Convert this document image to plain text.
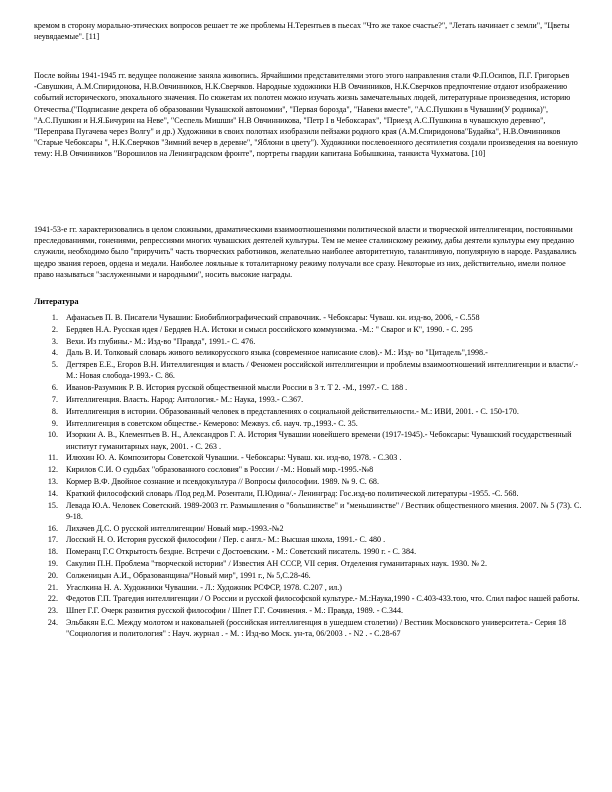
кремом в сторону морально-этических вопросов решает те же проблемы Н.Терентьев в пьесах "Что же такое счастье?", "Летать начинает с земли", "Цветы неувядаемые". [11]

После войны 1941-1945 гг. ведущее положение заняла живопись. Ярчайшими представителями этого этого направления стали Ф.П.Осипов, П.Г. Григорьев -Савушкин, А.М.Спиридонова, Н.В.Овчинников, Н.К.Сверчков. Народные художники Н.В Овчинников, Н.К.Сверчков предпочтение отдают изображению событий исторического, эпохального значения. По сюжетам их полотен можно изучать жизнь замечательных людей, литературные произведения, историю Отечества.("Подписание декрета об образовании Чувашской автономии", "Первая борозда", "Навеки вместе", "А.С.Пушкин в Чувашии(У родника)", "А.С.Пушкин и Н.Я.Бичурин на Неве", "Сеспель Мишши" Н.В Овчинникова, "Петр I в Чебоксарах", "Приезд А.С.Пушкина в чувашскую деревню", "Переправа Пугачева через Волгу" и др.) Художники в своих полотнах изобразили пейзажи родного края (А.М.Спиридонова"Будайка", Н.В.Овчинников "Старые Чебоксары ", Н.К.Сверчков "Зимний вечер в деревне", "Яблони в цвету"). Художники послевоенного десятилетия создали произведения на военную тему: Н.В Овчинников "Ворошилов на Ленинградском фронте", портреты гвардии капитана Бобышкина, танкиста Чухматова. [10]

1941-53-е гг. характеризовались в целом сложными, драматическими взаимоотношениями политической власти и творческой интеллигенции, постоянными преследованиями, гонениями, репрессиями многих чувашских деятелей культуры. Тем не менее сталинскому режиму, дабы деятели культуры ему преданно служили, необходимо было "приручить" часть творческих работников, желательно наиболее авторитетную, талантливую, популярную в народе. Раздавались щедро звания героев, ордена и медали. Наиболее лояльные к тоталитарному режиму получали все сразу. Некоторые из них, действительно, имели полное право называться "заслуженными и народными", носить высокие награды.

Литература
1. Афанасьев П. В. Писатели Чувашии: Биобиблиографический справочник. - Чебоксары: Чуваш. кн. изд-во, 2006, - С.558
2. Бердяев Н.А. Русская идея / Бердяев Н.А. Истоки и смысл российского коммунизма. -М.: " Сварог и К", 1990. - С. 295
3. Вехи. Из глубины.- М.: Изд-во "Правда", 1991.- С. 476.
4. Даль В. И. Толковый словарь живого великорусского языка (современное написание слов).- М.: Изд- во "Цитадель",1998.-
5. Дегтярев Е.Е., Егоров В.Н. Интеллигенция и власть / Феномен российской интеллигенции и проблемы взаимоотношений интеллигенции и власти/.- М.: Новая слобода-1993.- С. 86.
6. Иванов-Разумник Р. В. История русской общественной мысли России в 3 т. Т 2. -М., 1997.- С. 188 .
7. Интеллигенция. Власть. Народ: Антология.- М.: Наука, 1993.- С.367.
8. Интеллигенция в истории. Образованный человек в представлениях о социальной действительности.- М.: ИВИ, 2001. - С. 150-170.
9. Интеллигенция в советском обществе.- Кемерово: Межвуз. сб. науч. тр.,1993.- С. 35.
10. Изоркин А. В., Клементьев В. Н., Александров Г. А. История Чувашии новейшего времени (1917-1945).- Чебоксары: Чувашский государственный институт гуманитарных наук, 2001. - С. 263 .
11. Илюхин Ю. А. Композиторы Советской Чувашии. - Чебоксары: Чуваш. кн. изд-во, 1978. - С.303 .
12. Кирилов С.И. О судьбах "образованного сословия" в России / -М.: Новый мир.-1995.-№8
13. Кормер В.Ф. Двойное сознание и псевдокультура // Вопросы философии. 1989. № 9. С. 68.
14. Краткий философский словарь /Под ред.М. Розентали, П.Юдина/.- Ленинград: Гос.изд-во политической литературы -1955. -С. 568.
15. Левада Ю.А. Человек Советский. 1989-2003 гг. Размышления о "большинстве" и "меньшинстве" / Вестник общественного мнения. 2007. № 5 (73). С. 9-18.
16. Лихачев Д.С. О русской интеллигенции/ Новый мир.-1993.-№2
17. Лосский Н. О. История русской философии / Пер. с англ.- М.: Высшая школа, 1991.- С. 480 .
18. Померанц Г.С Открытость бездне. Встречи с Достоевским. - М.: Советский писатель. 1990 г. - С. 384.
19. Сакулин П.Н. Проблема "творческой истории" / Известия АН СССР, VII серия. Отделения гуманитарных наук. 1930. № 2.
20. Солженицын А.И., Образованщина/"Новый мир", 1991 г., № 5,С.28-46.
21. Угаслкина Н. А. Художники Чувашии. - Л.: Художник РСФСР, 1978. С.207 , ил.)
22. Федотов Г.П. Трагедия интеллигенции / О России и русской философской культуре.- М.:Наука,1990 - С.403-433.тою, что. Слил пафос нашей работы.
23. Шпет Г.Г. Очерк развития русской философии / Шпет Г.Г. Сочинения. - М.: Правда, 1989. - С.344.
24. Эльбакян Е.С. Между молотом и наковальней (российская интеллигенция в ушедшем столетии) / Вестник Московского университета.- Серия 18 "Социология и политология" : Науч. журнал . - М. : Изд-во Моск. ун-та, 06/2003 . - N2 . - С.28-67
